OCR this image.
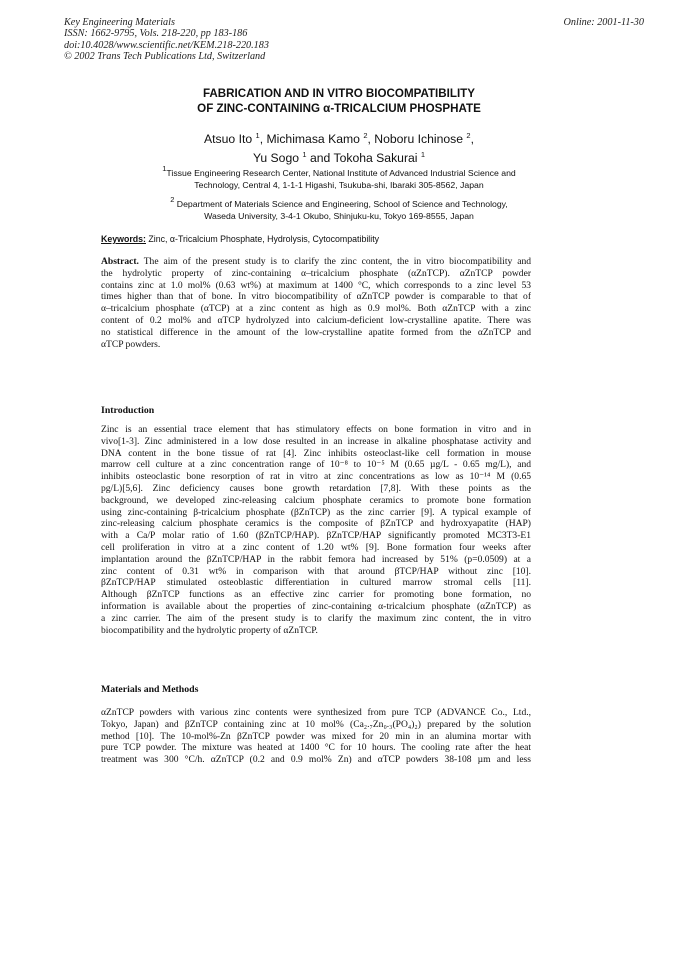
Key Engineering Materials
ISSN: 1662-9795, Vols. 218-220, pp 183-186
doi:10.4028/www.scientific.net/KEM.218-220.183
© 2002 Trans Tech Publications Ltd, Switzerland
Online: 2001-11-30
FABRICATION AND IN VITRO BIOCOMPATIBILITY
OF ZINC-CONTAINING α-TRICALCIUM PHOSPHATE
Atsuo Ito $^1$, Michimasa Kamo $^2$, Noboru Ichinose $^2$,
Yu Sogo $^1$ and Tokoha Sakurai $^1$
$^1$Tissue Engineering Research Center, National Institute of Advanced Industrial Science and
Technology, Central 4, 1-1-1 Higashi, Tsukuba-shi, Ibaraki 305-8562, Japan
$^2$ Department of Materials Science and Engineering, School of Science and Technology,
Waseda University, 3-4-1 Okubo, Shinjuku-ku, Tokyo 169-8555, Japan
Keywords: Zinc, α-Tricalcium Phosphate, Hydrolysis, Cytocompatibility
Abstract. The aim of the present study is to clarify the zinc content, the in vitro biocompatibility and
the hydrolytic property of zinc-containing α–tricalcium phosphate (αZnTCP). αZnTCP powder
contains zinc at 1.0 mol% (0.63 wt%) at maximum at 1400 °C, which corresponds to a zinc level 53
times higher than that of bone. In vitro biocompatibility of αZnTCP powder is comparable to that of
α–tricalcium phosphate (αTCP) at a zinc content as high as 0.9 mol%. Both αZnTCP with a zinc
content of 0.2 mol% and αTCP hydrolyzed into calcium-deficient low-crystalline apatite. There was
no statistical difference in the amount of the low-crystalline apatite formed from the αZnTCP and
αTCP powders.
Introduction
Zinc is an essential trace element that has stimulatory effects on bone formation in vitro and in
vivo[1-3]. Zinc administered in a low dose resulted in an increase in alkaline phosphatase activity and
DNA content in the bone tissue of rat [4]. Zinc inhibits osteoclast-like cell formation in mouse
marrow cell culture at a zinc concentration range of 10⁻⁸ to 10⁻⁵ M (0.65 µg/L - 0.65 mg/L), and
inhibits osteoclastic bone resorption of rat in vitro at zinc concentrations as low as 10⁻¹⁴ M (0.65
pg/L)[5,6]. Zinc deficiency causes bone growth retardation [7,8]. With these points as the
background, we developed zinc-releasing calcium phosphate ceramics to promote bone formation
using zinc-containing β-tricalcium phosphate (βZnTCP) as the zinc carrier [9]. A typical example of
zinc-releasing calcium phosphate ceramics is the composite of βZnTCP and hydroxyapatite (HAP)
with a Ca/P molar ratio of 1.60 (βZnTCP/HAP). βZnTCP/HAP significantly promoted MC3T3-E1
cell proliferation in vitro at a zinc content of 1.20 wt% [9]. Bone formation four weeks after
implantation around the βZnTCP/HAP in the rabbit femora had increased by 51% (p=0.0509) at a
zinc content of 0.31 wt% in comparison with that around βTCP/HAP without zinc [10].
βZnTCP/HAP stimulated osteoblastic differentiation in cultured marrow stromal cells [11].
Although βZnTCP functions as an effective zinc carrier for promoting bone formation, no
information is available about the properties of zinc-containing α-tricalcium phosphate (αZnTCP) as
a zinc carrier. The aim of the present study is to clarify the maximum zinc content, the in vitro
biocompatibility and the hydrolytic property of αZnTCP.
Materials and Methods
αZnTCP powders with various zinc contents were synthesized from pure TCP (ADVANCE Co., Ltd.,
Tokyo, Japan) and βZnTCP containing zinc at 10 mol% (Ca₂.₇Zn₀.₃(PO₄)₂) prepared by the solution
method [10]. The 10-mol%-Zn βZnTCP powder was mixed for 20 min in an alumina mortar with
pure TCP powder. The mixture was heated at 1400 °C for 10 hours. The cooling rate after the heat
treatment was 300 °C/h. αZnTCP (0.2 and 0.9 mol% Zn) and αTCP powders 38-108 µm and less
